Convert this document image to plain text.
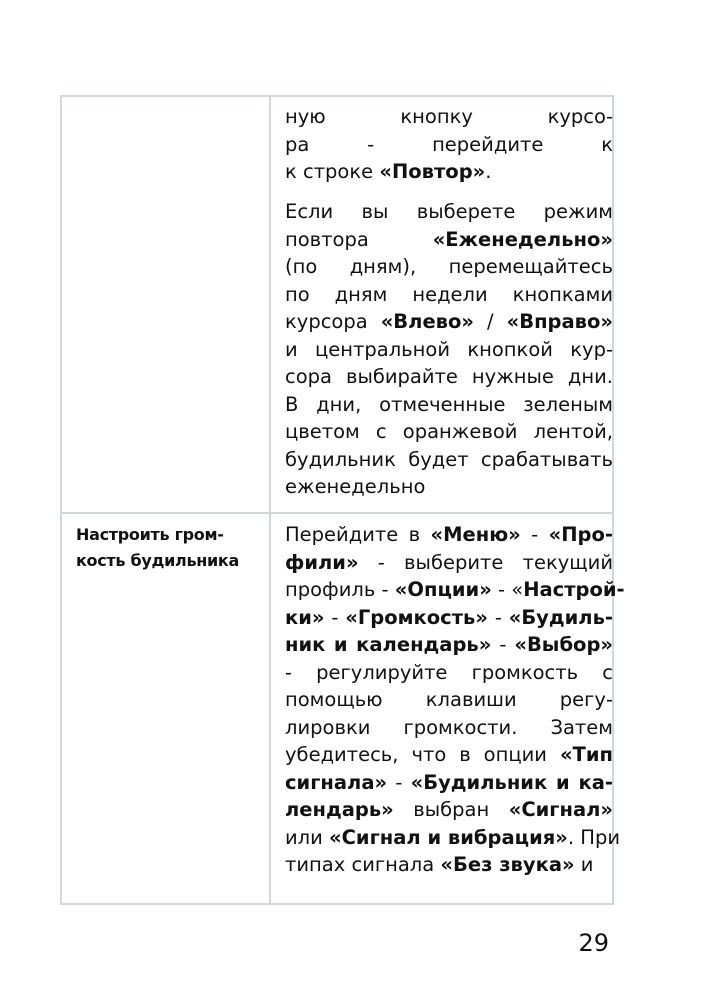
ную кнопку курсо-
ра - перейдите к
к строке «Повтор».
Если вы выберете режим
повтора «Еженедельно»
(по дням), перемещайтесь
по дням недели кнопками
курсора «Влево» / «Вправо»
и центральной кнопкой кур-
сора выбирайте нужные дни.
В дни, отмеченные зеленым
цветом с оранжевой лентой,
будильник будет срабатывать
еженедельно
Настроить гром-
кость будильника
Перейдите в «Меню» - «Про-
фили» - выберите текущий
профиль - «Опции» - «Настрой-
ки» - «Громкость» - «Будиль-
ник и календарь» - «Выбор»
- регулируйте громкость с
помощью клавиши регу-
лировки громкости. Затем
убедитесь, что в опции «Тип
сигнала» - «Будильник и ка-
лендарь» выбран «Сигнал»
или «Сигнал и вибрация». При
типах сигнала «Без звука» и
29
